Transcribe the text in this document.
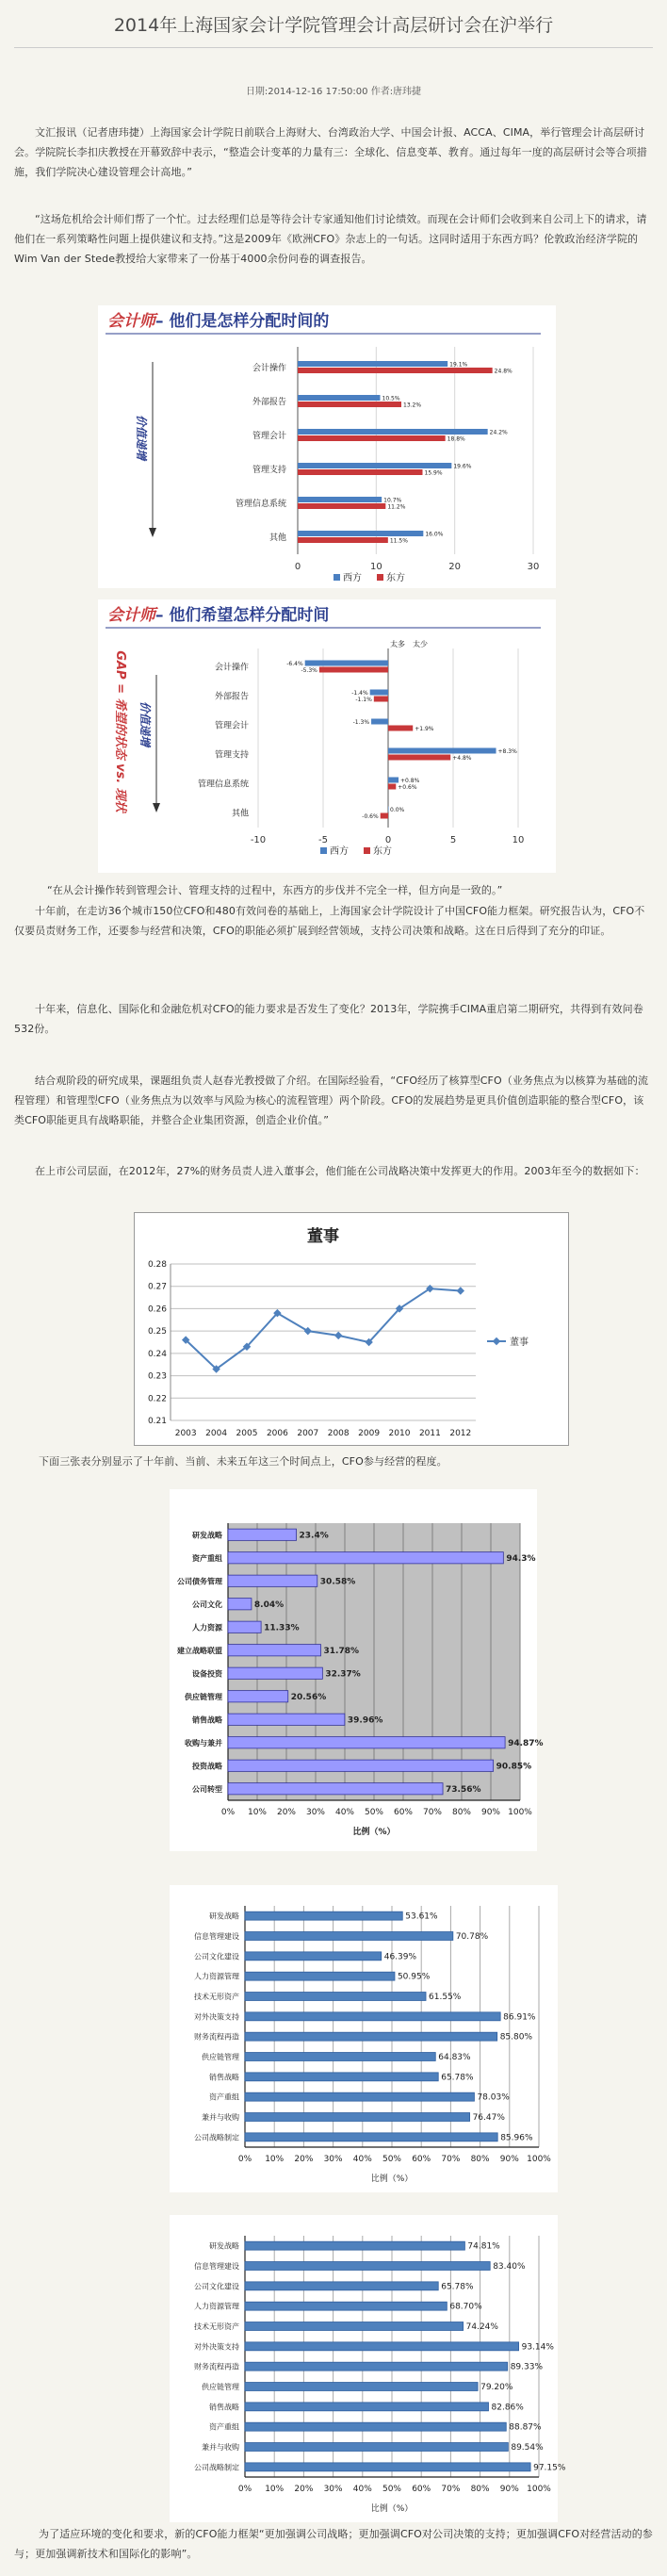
2014年上海国家会计学院管理会计高层研讨会在沪举行
日期:2014-12-16 17:50:00 作者:唐玮捷
文汇报讯（记者唐玮捷）上海国家会计学院日前联合上海财大、台湾政治大学、中国会计报、ACCA、CIMA，举行管理会计高层研讨会。学院院长李扣庆教授在开幕致辞中表示，“整造会计变革的力量有三：全球化、信息变革、教育。通过每年一度的高层研讨会等合项措施，我们学院决心建设管理会计高地。”
“这场危机给会计师们帮了一个忙。过去经理们总是等待会计专家通知他们讨论绩效。而现在会计师们会收到来自公司上下的请求，请他们在一系列策略性问题上提供建议和支持。”这是2009年《欧洲CFO》杂志上的一句话。这同时适用于东西方吗？伦敦政治经济学院的Wim Van der Stede教授给大家带来了一份基于4000余份问卷的调查报告。
会计师– 他们是怎样分配时间的
0	10	20	30
会计操作	19.1%
24.8%
外部报告	10.5%
13.2%
管理会计	24.2%
18.8%
管理支持	19.6%
15.9%
管理信息系统	10.7%
11.2%
其他	16.0%
11.5%
西方	东方
价值递增
会计师– 他们希望怎样分配时间
-10	-5	0	5	10
会计操作	-6.4%
-5.3%
外部报告	-1.4%
-1.1%
管理会计	-1.3%
+1.9%
管理支持	+8.3%
+4.8%
管理信息系统	+0.8%
+0.6%
其他	0.0%
-0.6%
西方	东方
太多　太少
GAP = 希望的状态 vs. 现状 价值递增
“在从会计操作转到管理会计、管理支持的过程中，东西方的步伐并不完全一样，但方向是一致的。”
十年前，在走访36个城市150位CFO和480有效问卷的基础上，上海国家会计学院设计了中国CFO能力框架。研究报告认为，CFO不仅要员责财务工作，还要参与经营和决策，CFO的职能必须扩展到经营领域，支持公司决策和战略。这在日后得到了充分的印证。
十年来，信息化、国际化和金融危机对CFO的能力要求是否发生了变化？2013年，学院携手CIMA重启第二期研究，共得到有效问卷532份。
结合观阶段的研究成果，课题组负责人赵春光教授做了介绍。在国际经验看，“CFO经历了核算型CFO（业务焦点为以核算为基础的流程管理）和管理型CFO（业务焦点为以效率与风险为核心的流程管理）两个阶段。CFO的发展趋势是更具价值创造职能的整合型CFO，该类CFO职能更具有战略职能，并整合企业集团资源，创造企业价值。”
在上市公司层面，在2012年，27%的财务员责人进入董事会，他们能在公司战略决策中发挥更大的作用。2003年至今的数据如下：
董事
0.21
0.22
0.23
0.24
0.25
0.26
0.27
0.28
2003 2004 2005 2006 2007 2008 2009 2010 2011 2012
董事
下面三张表分别显示了十年前、当前、未来五年这三个时间点上，CFO参与经营的程度。
0% 10% 20% 30% 40% 50% 60% 70% 80% 90% 100%
研发战略	23.4%
资产重组	94.3%
公司债务管理	30.58%
公司文化	8.04%
人力资源	11.33%
建立战略联盟	31.78%
设备投资	32.37%
供应链管理	20.56%
销售战略	39.96%
收购与兼并	94.87%
投资战略	90.85%
公司转型	73.56%
比例（%）
0% 10% 20% 30% 40% 50% 60% 70% 80% 90% 100%
研发战略	53.61%
信息管理建设	70.78%
公司文化建设	46.39%
人力资源管理	50.95%
技术无形资产	61.55%
对外决策支持	86.91%
财务流程再造	85.80%
供应链管理	64.83%
销售战略	65.78%
资产重组	78.03%
兼并与收购	76.47%
公司战略制定	85.96%
比例（%）
0% 10% 20% 30% 40% 50% 60% 70% 80% 90% 100%
研发战略	74.81%
信息管理建设	83.40%
公司文化建设	65.78%
人力资源管理	68.70%
技术无形资产	74.24%
对外决策支持	93.14%
财务流程再造	89.33%
供应链管理	79.20%
销售战略	82.86%
资产重组	88.87%
兼并与收购	89.54%
公司战略制定	97.15%
比例（%）
为了适应环境的变化和要求，新的CFO能力框架“更加强调公司战略；更加强调CFO对公司决策的支持；更加强调CFO对经营活动的参与；更加强调新技术和国际化的影响”。
